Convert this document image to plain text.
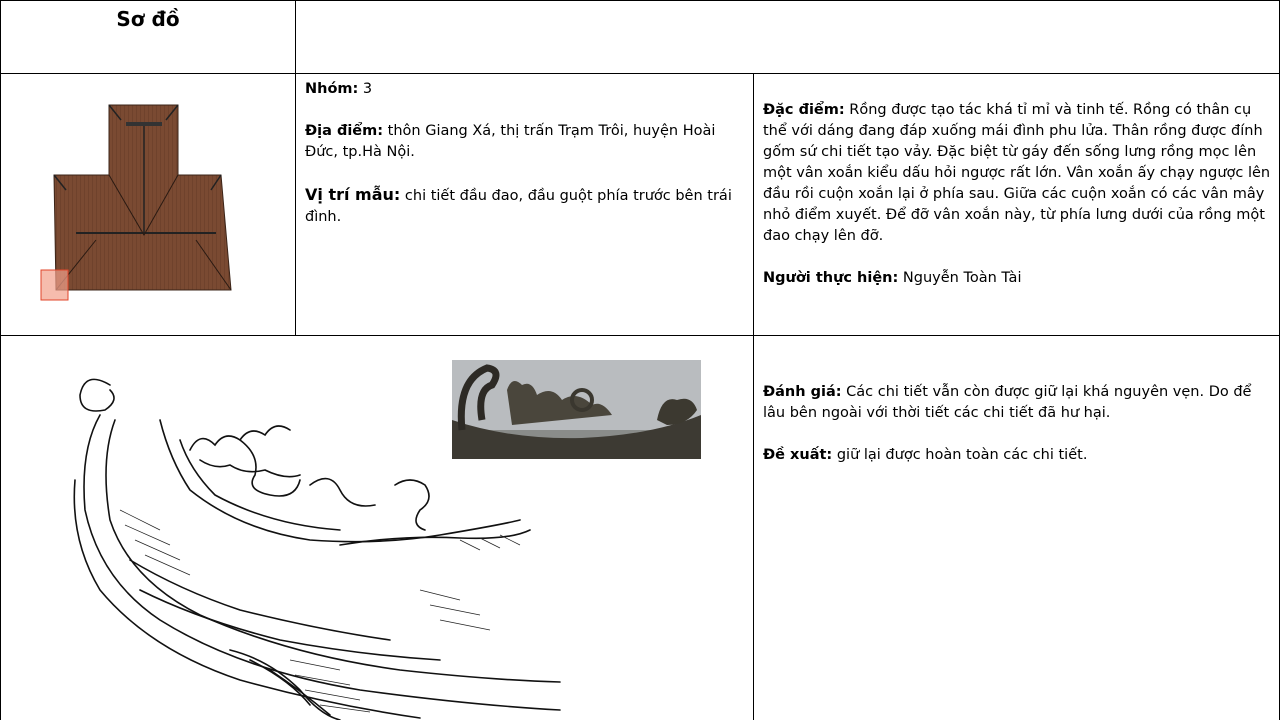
Sơ đồ
Nhóm: 3
Địa điểm: thôn Giang Xá, thị trấn Trạm Trôi, huyện Hoài Đức, tp.Hà Nội.
Vị trí mẫu: chi tiết đầu đao, đầu guột phía trước bên trái đình.
Đặc điểm: Rồng được tạo tác khá tỉ mỉ và tinh tế. Rồng có thân cụ thể với dáng đang đáp xuống mái đình phu lửa. Thân rồng được đính gốm sứ chi tiết tạo vảy. Đặc biệt từ gáy đến sống lưng rồng mọc lên một vân xoắn kiểu dấu hỏi ngược rất lớn. Vân xoắn ấy chạy ngược lên đầu rồi cuộn xoắn lại ở phía sau. Giữa các cuộn xoắn có các vân mây nhỏ điểm xuyết. Để đỡ vân xoắn này, từ phía lưng dưới của rồng một đao chạy lên đỡ.
Người thực hiện: Nguyễn Toàn Tài
Đánh giá: Các chi tiết vẫn còn được giữ lại khá nguyên vẹn. Do để lâu bên ngoài với thời tiết các chi tiết đã hư hại.
Đề xuất: giữ lại được hoàn toàn các chi tiết.
